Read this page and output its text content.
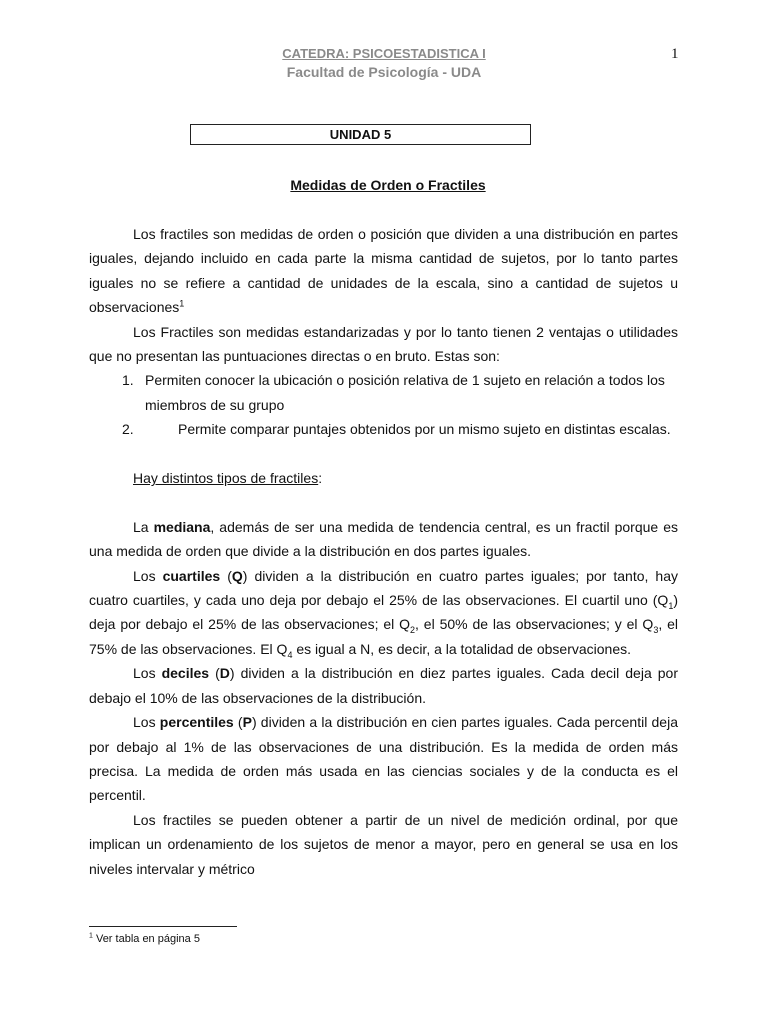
CATEDRA: PSICOESTADISTICA I
Facultad de Psicología - UDA
1
UNIDAD 5
Medidas de Orden o Fractiles

Los fractiles son medidas de orden o posición que dividen a una distribución en partes iguales, dejando incluido en cada parte la misma cantidad de sujetos, por lo tanto partes iguales no se refiere a cantidad de unidades de la escala, sino a cantidad de sujetos u observaciones$^1$

Los Fractiles son medidas estandarizadas y por lo tanto tienen 2 ventajas o utilidades que no presentan las puntuaciones directas o en bruto. Estas son:

1. Permiten conocer la ubicación o posición relativa de 1 sujeto en relación a todos los miembros de su grupo
2.	Permite comparar puntajes obtenidos por un mismo sujeto en distintas escalas.

Hay distintos tipos de fractiles:

La mediana, además de ser una medida de tendencia central, es un fractil porque es una medida de orden que divide a la distribución en dos partes iguales.

Los cuartiles (Q) dividen a la distribución en cuatro partes iguales; por tanto, hay cuatro cuartiles, y cada uno deja por debajo el 25% de las observaciones. El cuartil uno $(Q_1)$ deja por debajo el 25% de las observaciones; el $Q_2$, el 50% de las observaciones; y el $Q_3$, el 75% de las observaciones. El $Q_4$ es igual a N, es decir, a la totalidad de observaciones.

Los deciles (D) dividen a la distribución en diez partes iguales. Cada decil deja por debajo el 10% de las observaciones de la distribución.

Los percentiles (P) dividen a la distribución en cien partes iguales. Cada percentil deja por debajo al 1% de las observaciones de una distribución. Es la medida de orden más precisa. La medida de orden más usada en las ciencias sociales y de la conducta es el percentil.

Los fractiles se pueden obtener a partir de un nivel de medición ordinal, por que implican un ordenamiento de los sujetos de menor a mayor, pero en general se usa en los niveles intervalar y métrico

$^1$ Ver tabla en página 5
